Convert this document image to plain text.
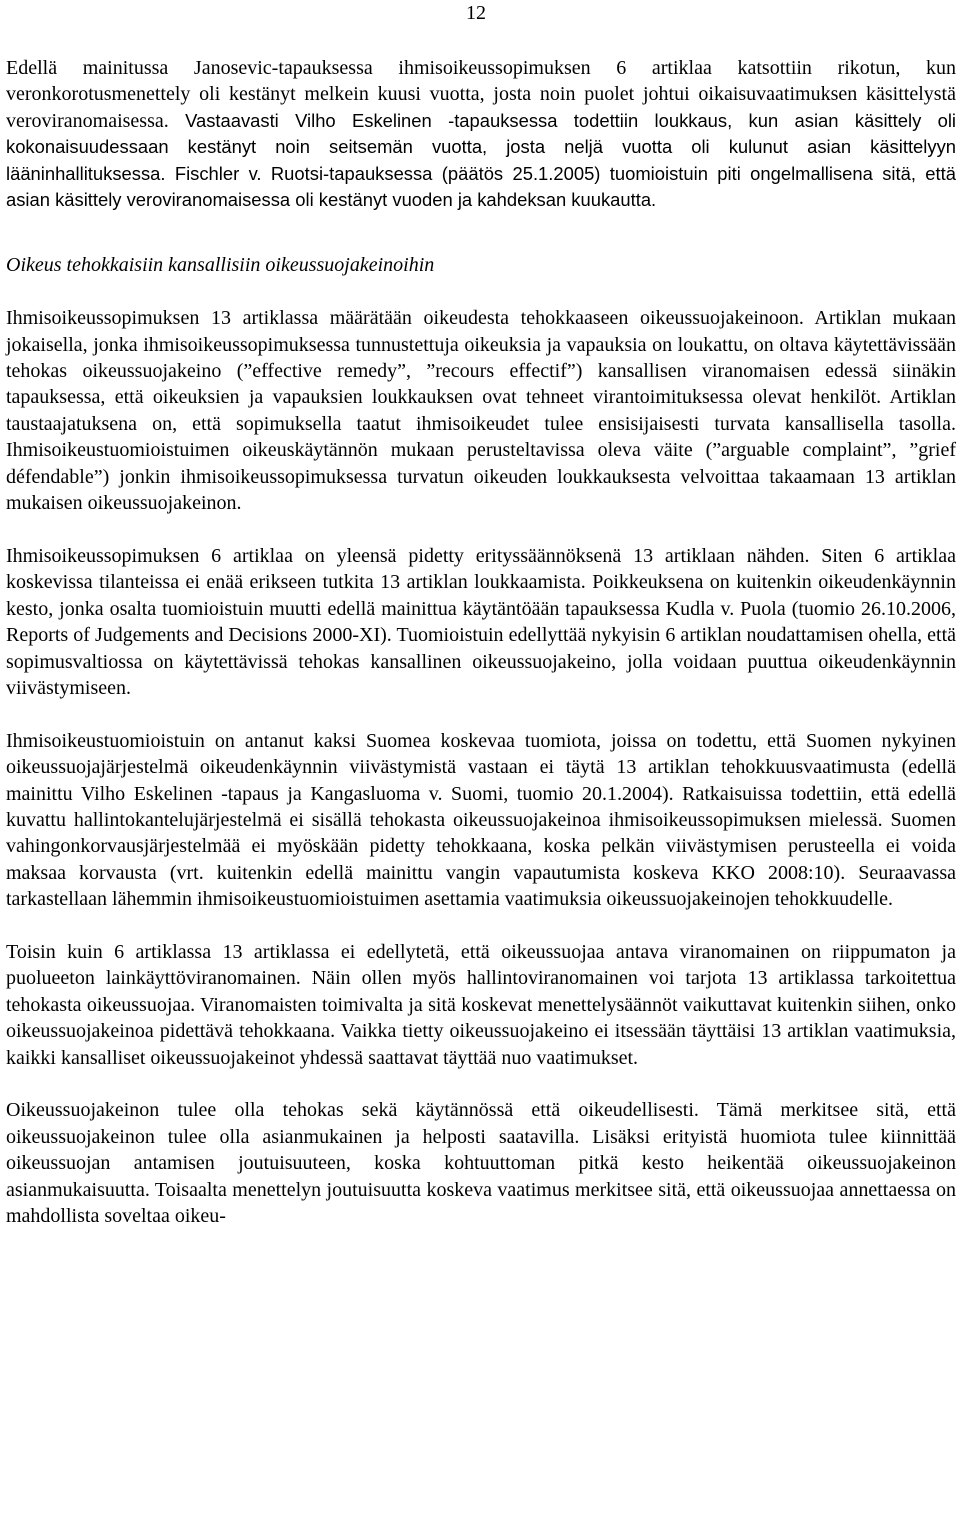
12

Edellä mainitussa Janosevic-tapauksessa ihmisoikeussopimuksen 6 artiklaa katsottiin rikotun, kun veronkorotusmenettely oli kestänyt melkein kuusi vuotta, josta noin puolet johtui oikaisuvaatimuksen käsittelystä veroviranomaisessa. Vastaavasti Vilho Eskelinen -tapauksessa todettiin loukkaus, kun asian käsittely oli kokonaisuudessaan kestänyt noin seitsemän vuotta, josta neljä vuotta oli kulunut asian käsittelyyn lääninhallituksessa. Fischler v. Ruotsi-tapauksessa (päätös 25.1.2005) tuomioistuin piti ongelmallisena sitä, että asian käsittely veroviranomaisessa oli kestänyt vuoden ja kahdeksan kuukautta.

Oikeus tehokkaisiin kansallisiin oikeussuojakeinoihin

Ihmisoikeussopimuksen 13 artiklassa määrätään oikeudesta tehokkaaseen oikeussuojakeinoon. Artiklan mukaan jokaisella, jonka ihmisoikeussopimuksessa tunnustettuja oikeuksia ja vapauksia on loukattu, on oltava käytettävissään tehokas oikeussuojakeino (”effective remedy”, ”recours effectif”) kansallisen viranomaisen edessä siinäkin tapauksessa, että oikeuksien ja vapauksien loukkauksen ovat tehneet virantoimituksessa olevat henkilöt. Artiklan taustaajatuksena on, että sopimuksella taatut ihmisoikeudet tulee ensisijaisesti turvata kansallisella tasolla. Ihmisoikeustuomioistuimen oikeuskäytännön mukaan perusteltavissa oleva väite (”arguable complaint”, ”grief défendable”) jonkin ihmisoikeussopimuksessa turvatun oikeuden loukkauksesta velvoittaa takaamaan 13 artiklan mukaisen oikeussuojakeinon.

Ihmisoikeussopimuksen 6 artiklaa on yleensä pidetty erityssäännöksenä 13 artiklaan nähden. Siten 6 artiklaa koskevissa tilanteissa ei enää erikseen tutkita 13 artiklan loukkaamista. Poikkeuksena on kuitenkin oikeudenkäynnin kesto, jonka osalta tuomioistuin muutti edellä mainittua käytäntöään tapauksessa Kudla v. Puola (tuomio 26.10.2006, Reports of Judgements and Decisions 2000-XI). Tuomioistuin edellyttää nykyisin 6 artiklan noudattamisen ohella, että sopimusvaltiossa on käytettävissä tehokas kansallinen oikeussuojakeino, jolla voidaan puuttua oikeudenkäynnin viivästymiseen.

Ihmisoikeustuomioistuin on antanut kaksi Suomea koskevaa tuomiota, joissa on todettu, että Suomen nykyinen oikeussuojajärjestelmä oikeudenkäynnin viivästymistä vastaan ei täytä 13 artiklan tehokkuusvaatimusta (edellä mainittu Vilho Eskelinen -tapaus ja Kangasluoma v. Suomi, tuomio 20.1.2004). Ratkaisuissa todettiin, että edellä kuvattu hallintokantelujärjestelmä ei sisällä tehokasta oikeussuojakeinoa ihmisoikeussopimuksen mielessä. Suomen vahingonkorvausjärjestelmää ei myöskään pidetty tehokkaana, koska pelkän viivästymisen perusteella ei voida maksaa korvausta (vrt. kuitenkin edellä mainittu vangin vapautumista koskeva KKO 2008:10). Seuraavassa tarkastellaan lähemmin ihmisoikeustuomioistuimen asettamia vaatimuksia oikeussuojakeinojen tehokkuudelle.

Toisin kuin 6 artiklassa 13 artiklassa ei edellytetä, että oikeussuojaa antava viranomainen on riippumaton ja puolueeton lainkäyttöviranomainen. Näin ollen myös hallintoviranomainen voi tarjota 13 artiklassa tarkoitettua tehokasta oikeussuojaa. Viranomaisten toimivalta ja sitä koskevat menettelysäännöt vaikuttavat kuitenkin siihen, onko oikeussuojakeinoa pidettävä tehokkaana. Vaikka tietty oikeussuojakeino ei itsessään täyttäisi 13 artiklan vaatimuksia, kaikki kansalliset oikeussuojakeinot yhdessä saattavat täyttää nuo vaatimukset.

Oikeussuojakeinon tulee olla tehokas sekä käytännössä että oikeudellisesti. Tämä merkitsee sitä, että oikeussuojakeinon tulee olla asianmukainen ja helposti saatavilla. Lisäksi erityistä huomiota tulee kiinnittää oikeussuojan antamisen joutuisuuteen, koska kohtuuttoman pitkä kesto heikentää oikeussuojakeinon asianmukaisuutta. Toisaalta menettelyn joutuisuutta koskeva vaatimus merkitsee sitä, että oikeussuojaa annettaessa on mahdollista soveltaa oikeu-
